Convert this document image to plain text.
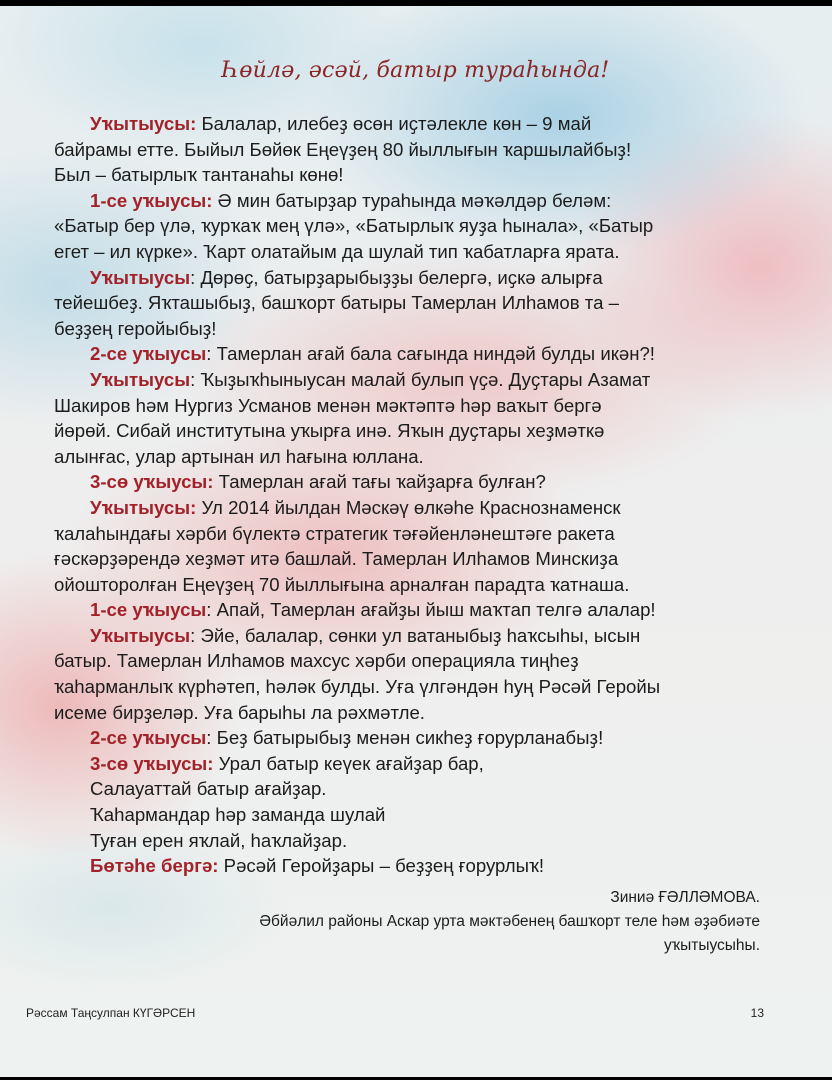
Һөйлә, әсәй, батыр тураһында!
Уҡытыусы: Балалар, илебеҙ өсөн иҫтәлекле көн – 9 май
байрамы етте. Быйыл Бөйөк Еңеүҙең 80 йыллығын ҡаршылайбыҙ!
Был – батырлыҡ тантанаһы көнө!
1-се уҡыусы: Ә мин батырҙар тураһында мәҡәлдәр беләм:
«Батыр бер үлә, ҡурҡаҡ мең үлә», «Батырлыҡ яуҙа һынала», «Батыр
егет – ил күрке». Ҡарт олатайым да шулай тип ҡабатларға ярата.
Уҡытыусы: Дөрөҫ, батырҙарыбыҙҙы белергә, иҫкә алырға
тейешбеҙ. Яҡташыбыҙ, башҡорт батыры Тамерлан Илһамов та –
беҙҙең геройыбыҙ!
2-се уҡыусы: Тамерлан ағай бала сағында ниндәй булды икән?!
Уҡытыусы: Ҡыҙыҡһыныусан малай булып үҫә. Дуҫтары Азамат
Шакиров һәм Нургиз Усманов менән мәктәптә һәр ваҡыт бергә
йөрөй. Сибай институтына уҡырға инә. Яҡын дуҫтары хеҙмәткә
алынғас, улар артынан ил һағына юллана.
3-сө уҡыусы: Тамерлан ағай тағы ҡайҙарға булған?
Уҡытыусы: Ул 2014 йылдан Мәскәү өлкәһе Краснознаменск
ҡалаһындағы хәрби бүлектә стратегик тәғәйенләнештәге ракета
ғәскәрҙәрендә хеҙмәт итә башлай. Тамерлан Илһамов Минскиҙа
ойошторолған Еңеүҙең 70 йыллығына арналған парадта ҡатнаша.
1-се уҡыусы: Апай, Тамерлан ағайҙы йыш маҡтап телгә алалар!
Уҡытыусы: Эйе, балалар, сөнки ул ватаныбыҙ һаҡсыһы, ысын
батыр. Тамерлан Илһамов махсус хәрби операцияла тиңһеҙ
ҡаһарманлыҡ күрһәтеп, һәләк булды. Уға үлгәндән һуң Рәсәй Геройы
исеме бирҙеләр. Уға барыһы ла рәхмәтле.
2-се уҡыусы: Беҙ батырыбыҙ менән сикһеҙ ғорурланабыҙ!
3-сө уҡыусы: Урал батыр кеүек ағайҙар бар,
Салауаттай батыр ағайҙар.
Ҡаһармандар һәр заманда шулай
Туған ерен яҡлай, һаҡлайҙар.
Бөтәһе бергә: Рәсәй Геройҙары – беҙҙең ғорурлыҡ!
Зиниә ҒӘЛЛӘМОВА.
Әбйәлил районы Аскар урта мәктәбенең башҡорт теле һәм әҙәбиәте
уҡытыусыһы.
Рәссам Таңсулпан КҮГӘРСЕН	13
